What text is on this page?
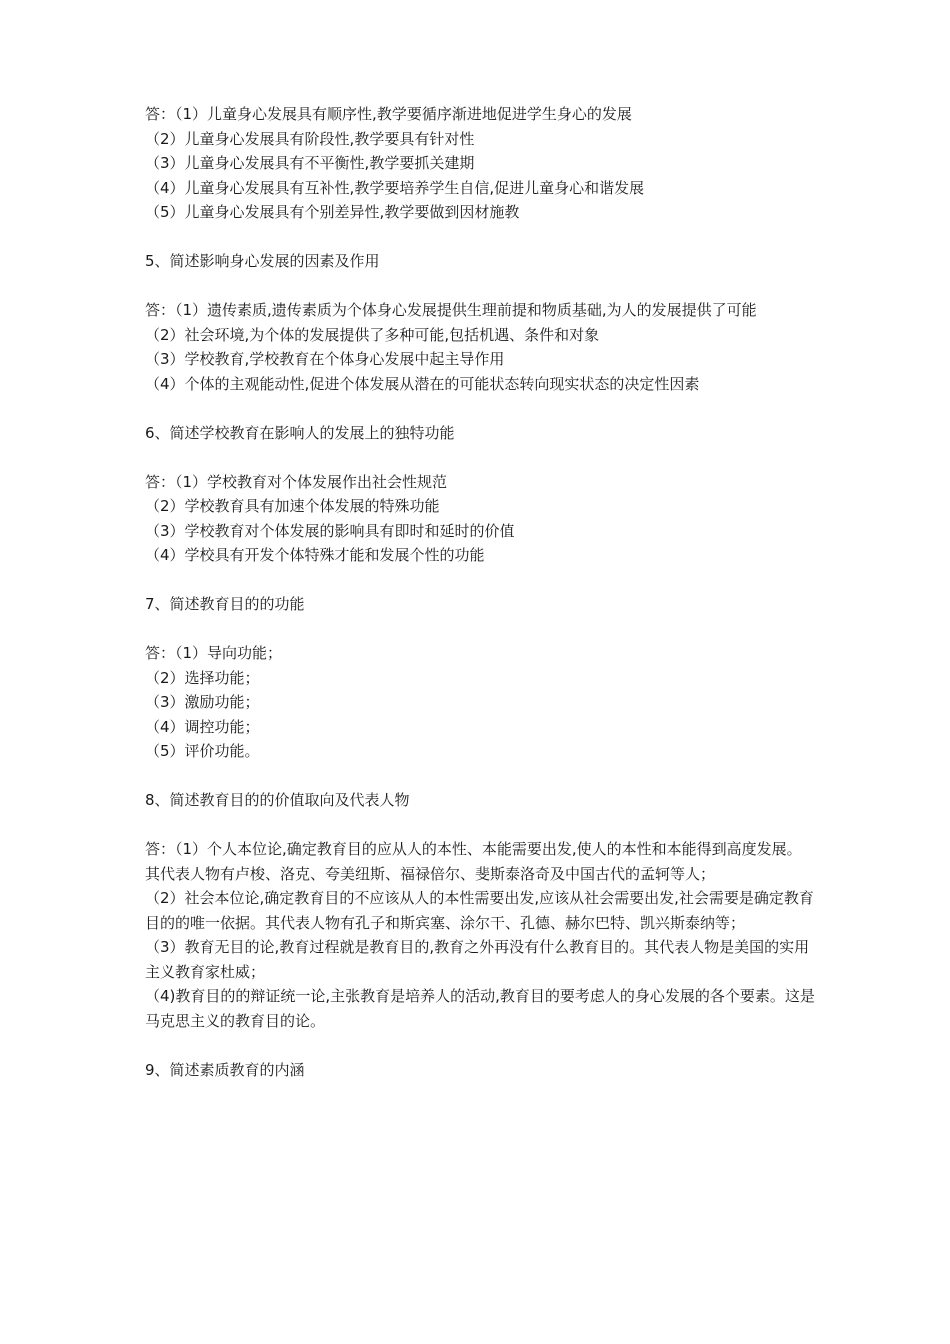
答：（1）儿童身心发展具有顺序性,教学要循序渐进地促进学生身心的发展
（2）儿童身心发展具有阶段性,教学要具有针对性
（3）儿童身心发展具有不平衡性,教学要抓关建期
（4）儿童身心发展具有互补性,教学要培养学生自信,促进儿童身心和谐发展
（5）儿童身心发展具有个别差异性,教学要做到因材施教
5、简述影响身心发展的因素及作用
答：（1）遗传素质,遗传素质为个体身心发展提供生理前提和物质基础,为人的发展提供了可能
（2）社会环境,为个体的发展提供了多种可能,包括机遇、条件和对象
（3）学校教育,学校教育在个体身心发展中起主导作用
（4）个体的主观能动性,促进个体发展从潜在的可能状态转向现实状态的决定性因素
6、简述学校教育在影响人的发展上的独特功能
答：（1）学校教育对个体发展作出社会性规范
（2）学校教育具有加速个体发展的特殊功能
（3）学校教育对个体发展的影响具有即时和延时的价值
（4）学校具有开发个体特殊才能和发展个性的功能
7、简述教育目的的功能
答：（1）导向功能；
（2）选择功能；
（3）激励功能；
（4）调控功能；
（5）评价功能。
8、简述教育目的的价值取向及代表人物
答：（1）个人本位论,确定教育目的应从人的本性、本能需要出发,使人的本性和本能得到高度发展。 其代表人物有卢梭、洛克、夸美纽斯、福禄倍尔、斐斯泰洛奇及中国古代的孟轲等人；
（2）社会本位论,确定教育目的不应该从人的本性需要出发,应该从社会需要出发,社会需要是确定教育目的的唯一依据。其代表人物有孔子和斯宾塞、涂尔干、孔德、赫尔巴特、凯兴斯泰纳等；
（3）教育无目的论,教育过程就是教育目的,教育之外再没有什么教育目的。其代表人物是美国的实用主义教育家杜威；
（4)教育目的的辩证统一论,主张教育是培养人的活动,教育目的要考虑人的身心发展的各个要素。这是马克思主义的教育目的论。
9、简述素质教育的内涵
